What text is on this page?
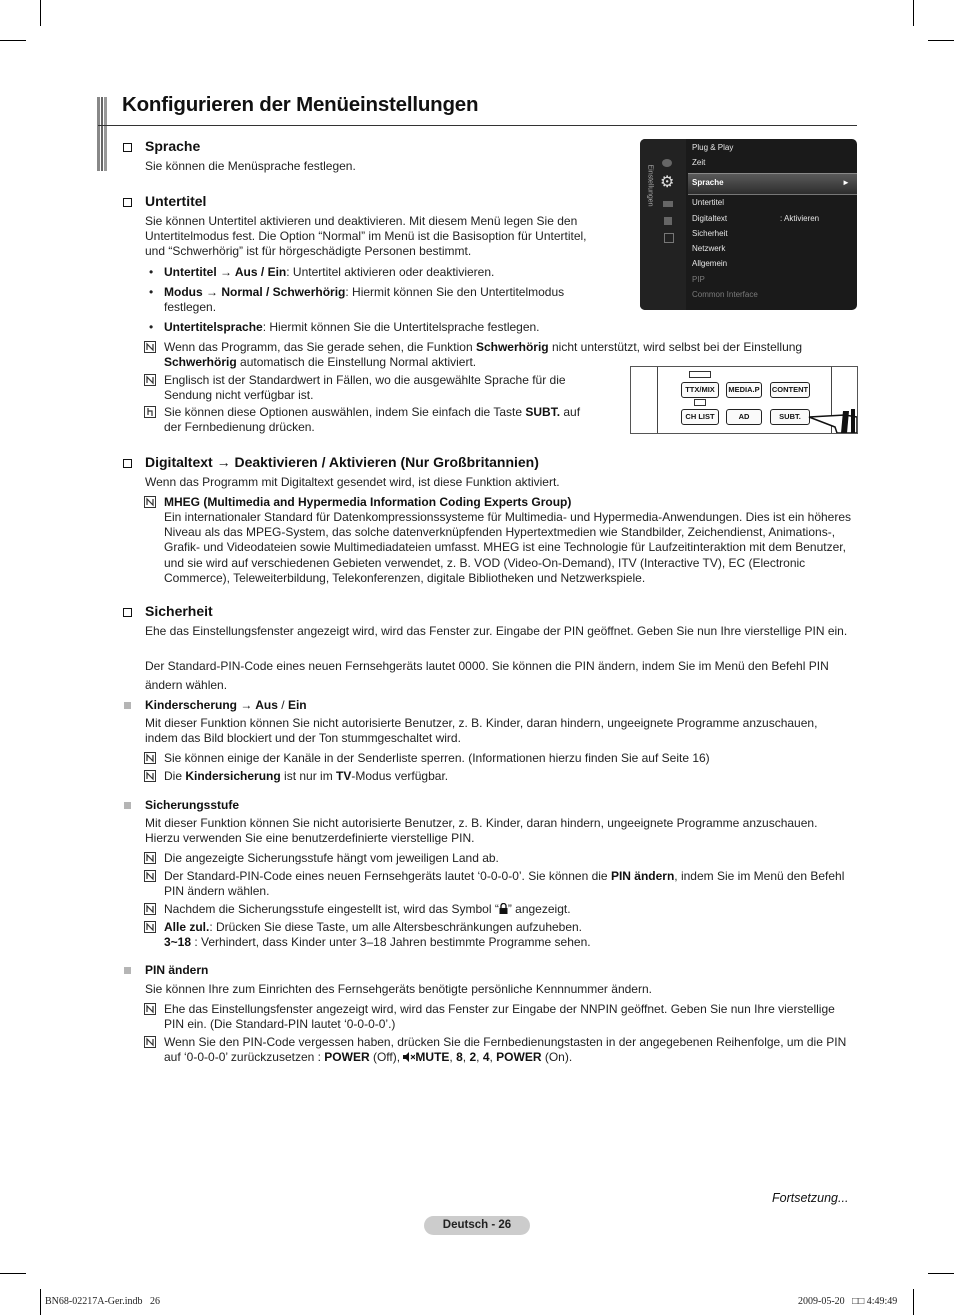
Konfigurieren der Menüeinstellungen
Sprache
Sie können die Menüsprache festlegen.
Untertitel
Sie können Untertitel aktivieren und deaktivieren. Mit diesem Menü legen Sie den Untertitelmodus fest. Die Option “Normal” im Menü ist die Basisoption für Untertitel, und “Schwerhörig” ist für hörgeschädigte Personen bestimmt.
• Untertitel → Aus / Ein: Untertitel aktivieren oder deaktivieren.
• Modus → Normal / Schwerhörig: Hiermit können Sie den Untertitelmodus festlegen.
• Untertitelsprache: Hiermit können Sie die Untertitelsprache festlegen.
Wenn das Programm, das Sie gerade sehen, die Funktion Schwerhörig nicht unterstützt, wird selbst bei der Einstellung Schwerhörig automatisch die Einstellung Normal aktiviert.
Englisch ist der Standardwert in Fällen, wo die ausgewählte Sprache für die Sendung nicht verfügbar ist.
Sie können diese Optionen auswählen, indem Sie einfach die Taste SUBT. auf der Fernbedienung drücken.
Einstellungen ⚙
Plug & Play
Zeit
Sprache	►
Untertitel
Digitaltext	: Aktivieren
Sicherheit
Netzwerk
Allgemein
PIP
Common Interface
TTX/MIX	MEDIA.P	CONTENT
CH LIST	AD	SUBT.
Digitaltext → Deaktivieren / Aktivieren (Nur Großbritannien)
Wenn das Programm mit Digitaltext gesendet wird, ist diese Funktion aktiviert.
MHEG (Multimedia and Hypermedia Information Coding Experts Group)
Ein internationaler Standard für Datenkompressionssysteme für Multimedia- und Hypermedia-Anwendungen. Dies ist ein höheres Niveau als das MPEG-System, das solche datenverknüpfenden Hypertextmedien wie Standbilder, Zeichendienst, Animations-, Grafik- und Videodateien sowie Multimediadateien umfasst. MHEG ist eine Technologie für Laufzeitinteraktion mit dem Benutzer, und sie wird auf verschiedenen Gebieten verwendet, z. B. VOD (Video-On-Demand), ITV (Interactive TV), EC (Electronic Commerce), Teleweiterbildung, Telekonferenzen, digitale Bibliotheken und Netzwerkspiele.
Sicherheit
Ehe das Einstellungsfenster angezeigt wird, wird das Fenster zur. Eingabe der PIN geöffnet. Geben Sie nun Ihre vierstellige PIN ein.
Der Standard-PIN-Code eines neuen Fernsehgeräts lautet 0000. Sie können die PIN ändern, indem Sie im Menü den Befehl PIN ändern wählen.
Kinderscherung → Aus / Ein
Mit dieser Funktion können Sie nicht autorisierte Benutzer, z. B. Kinder, daran hindern, ungeeignete Programme anzuschauen, indem das Bild blockiert und der Ton stummgeschaltet wird.
Sie können einige der Kanäle in der Senderliste sperren. (Informationen hierzu finden Sie auf Seite 16)
Die Kindersicherung ist nur im TV-Modus verfügbar.
Sicherungsstufe
Mit dieser Funktion können Sie nicht autorisierte Benutzer, z. B. Kinder, daran hindern, ungeeignete Programme anzuschauen. Hierzu verwenden Sie eine benutzerdefinierte vierstellige PIN.
Die angezeigte Sicherungsstufe hängt vom jeweiligen Land ab.
Der Standard-PIN-Code eines neuen Fernsehgeräts lautet ‘0-0-0-0’. Sie können die PIN ändern, indem Sie im Menü den Befehl PIN ändern wählen.
Nachdem die Sicherungsstufe eingestellt ist, wird das Symbol “ ” angezeigt.
Alle zul.: Drücken Sie diese Taste, um alle Altersbeschränkungen aufzuheben.
3~18 : Verhindert, dass Kinder unter 3–18 Jahren bestimmte Programme sehen.
PIN ändern
Sie können Ihre zum Einrichten des Fernsehgeräts benötigte persönliche Kennnummer ändern.
Ehe das Einstellungsfenster angezeigt wird, wird das Fenster zur Eingabe der NNPIN geöffnet. Geben Sie nun Ihre vierstellige PIN ein. (Die Standard-PIN lautet ‘0-0-0-0’.)
Wenn Sie den PIN-Code vergessen haben, drücken Sie die Fernbedienungstasten in der angegebenen Reihenfolge, um die PIN auf ‘0-0-0-0’ zurückzusetzen : POWER (Off), MUTE, 8, 2, 4, POWER (On).
Fortsetzung...
Deutsch - 26
BN68-02217A-Ger.indb   26	2009-05-20   □□ 4:49:49
